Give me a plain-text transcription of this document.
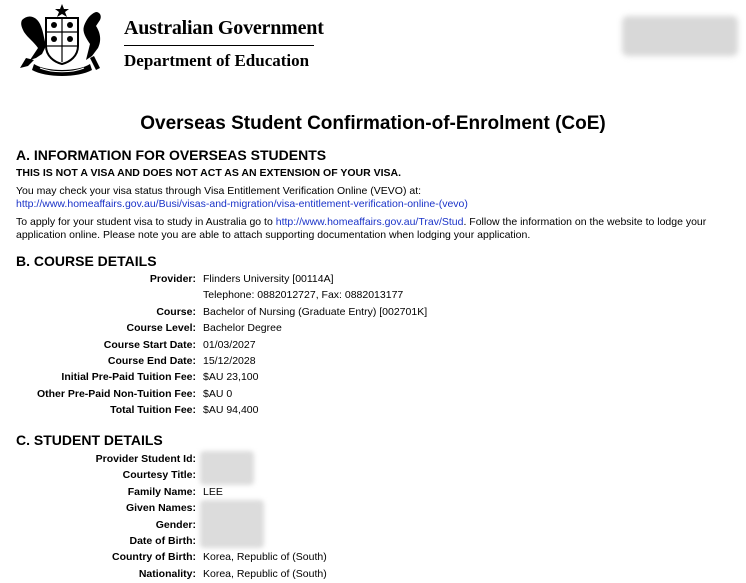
Australian Government
Department of Education
Overseas Student Confirmation-of-Enrolment (CoE)
A. INFORMATION FOR OVERSEAS STUDENTS
THIS IS NOT A VISA AND DOES NOT ACT AS AN EXTENSION OF YOUR VISA.
You may check your visa status through Visa Entitlement Verification Online (VEVO) at:
http://www.homeaffairs.gov.au/Busi/visas-and-migration/visa-entitlement-verification-online-(vevo)
To apply for your student visa to study in Australia go to http://www.homeaffairs.gov.au/Trav/Stud. Follow the information on the website to lodge your
application online. Please note you are able to attach supporting documentation when lodging your application.
B. COURSE DETAILS
Provider: Flinders University [00114A]
Telephone: 0882012727, Fax: 0882013177
Course: Bachelor of Nursing (Graduate Entry) [002701K]
Course Level: Bachelor Degree
Course Start Date: 01/03/2027
Course End Date: 15/12/2028
Initial Pre-Paid Tuition Fee: $AU 23,100
Other Pre-Paid Non-Tuition Fee: $AU 0
Total Tuition Fee: $AU 94,400
C. STUDENT DETAILS
Provider Student Id:
Courtesy Title:
Family Name: LEE
Given Names:
Gender:
Date of Birth:
Country of Birth: Korea, Republic of (South)
Nationality: Korea, Republic of (South)
